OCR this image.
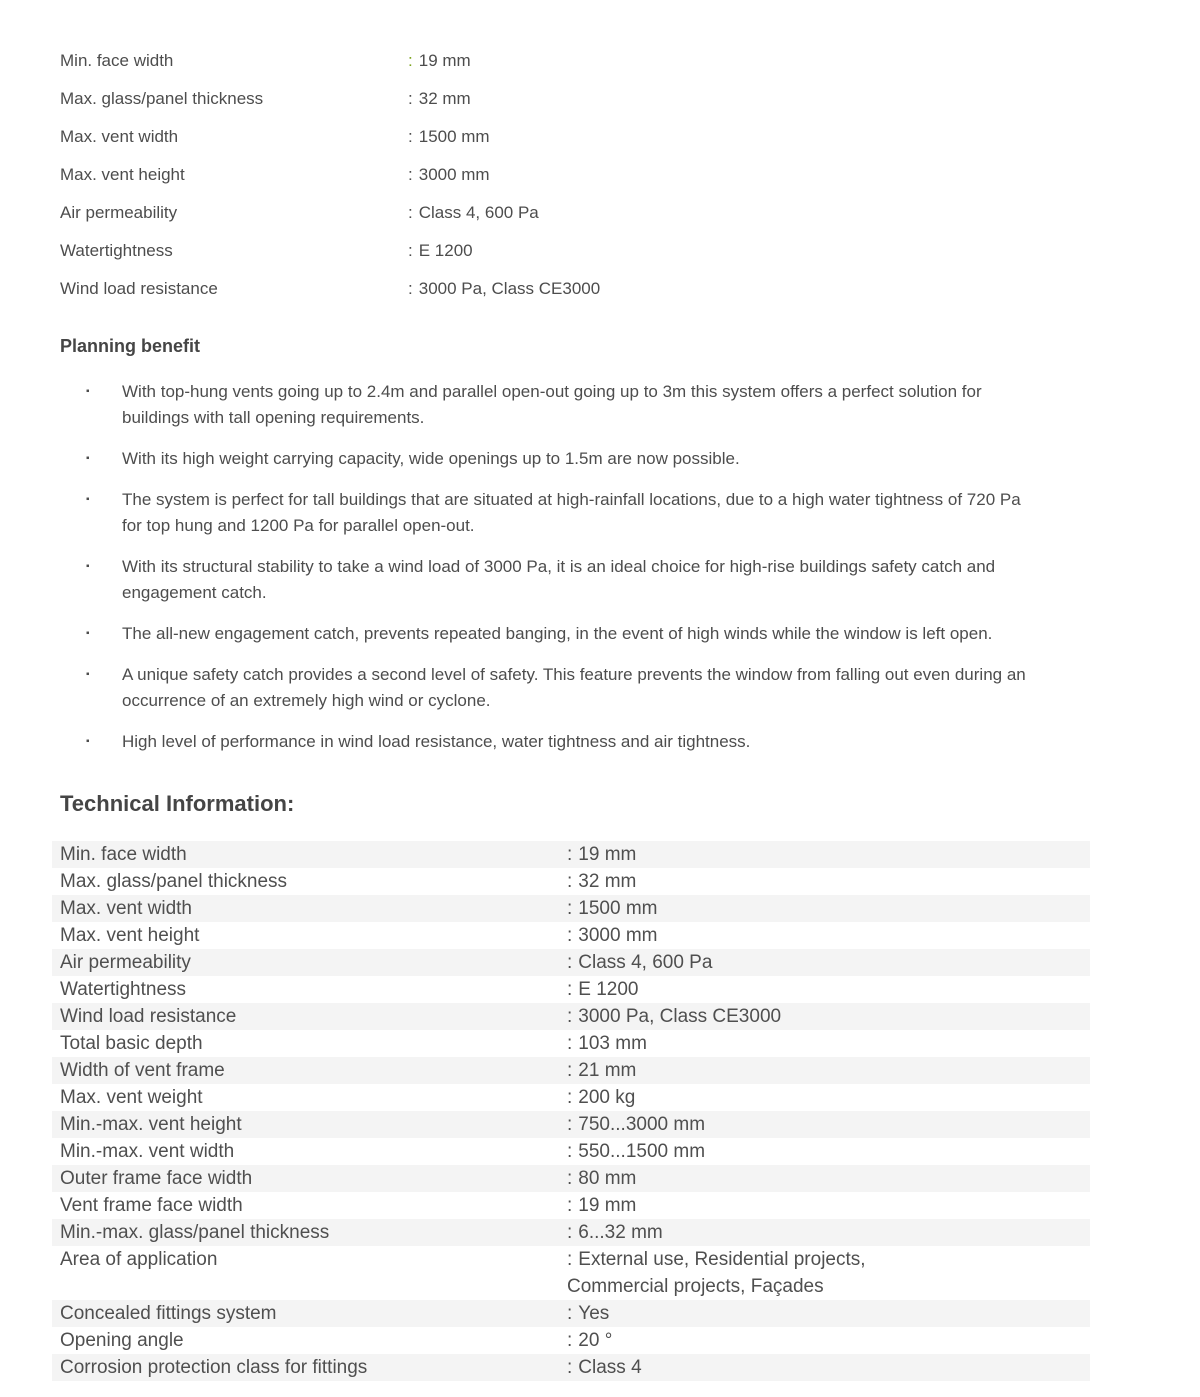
Min. face width	: 19 mm
Max. glass/panel thickness	: 32 mm
Max. vent width	: 1500 mm
Max. vent height	: 3000 mm
Air permeability	: Class 4, 600 Pa
Watertightness	: E 1200
Wind load resistance	: 3000 Pa, Class CE3000
Planning benefit
▪	With top-hung vents going up to 2.4m and parallel open-out going up to 3m this system offers a perfect solution for buildings with tall opening requirements.
▪	With its high weight carrying capacity, wide openings up to 1.5m are now possible.
▪	The system is perfect for tall buildings that are situated at high-rainfall locations, due to a high water tightness of 720 Pa for top hung and 1200 Pa for parallel open-out.
▪	With its structural stability to take a wind load of 3000 Pa, it is an ideal choice for high-rise buildings safety catch and engagement catch.
▪	The all-new engagement catch, prevents repeated banging, in the event of high winds while the window is left open.
▪	A unique safety catch provides a second level of safety. This feature prevents the window from falling out even during an occurrence of an extremely high wind or cyclone.
▪	High level of performance in wind load resistance, water tightness and air tightness.
Technical Information:
Min. face width	: 19 mm
Max. glass/panel thickness	: 32 mm
Max. vent width	: 1500 mm
Max. vent height	: 3000 mm
Air permeability	: Class 4, 600 Pa
Watertightness	: E 1200
Wind load resistance	: 3000 Pa, Class CE3000
Total basic depth	: 103 mm
Width of vent frame	: 21 mm
Max. vent weight	: 200 kg
Min.-max. vent height	: 750...3000 mm
Min.-max. vent width	: 550...1500 mm
Outer frame face width	: 80 mm
Vent frame face width	: 19 mm
Min.-max. glass/panel thickness	: 6...32 mm
Area of application	: External use, Residential projects,
Commercial projects, Façades
Concealed fittings system	: Yes
Opening angle	: 20 °
Corrosion protection class for fittings	: Class 4
